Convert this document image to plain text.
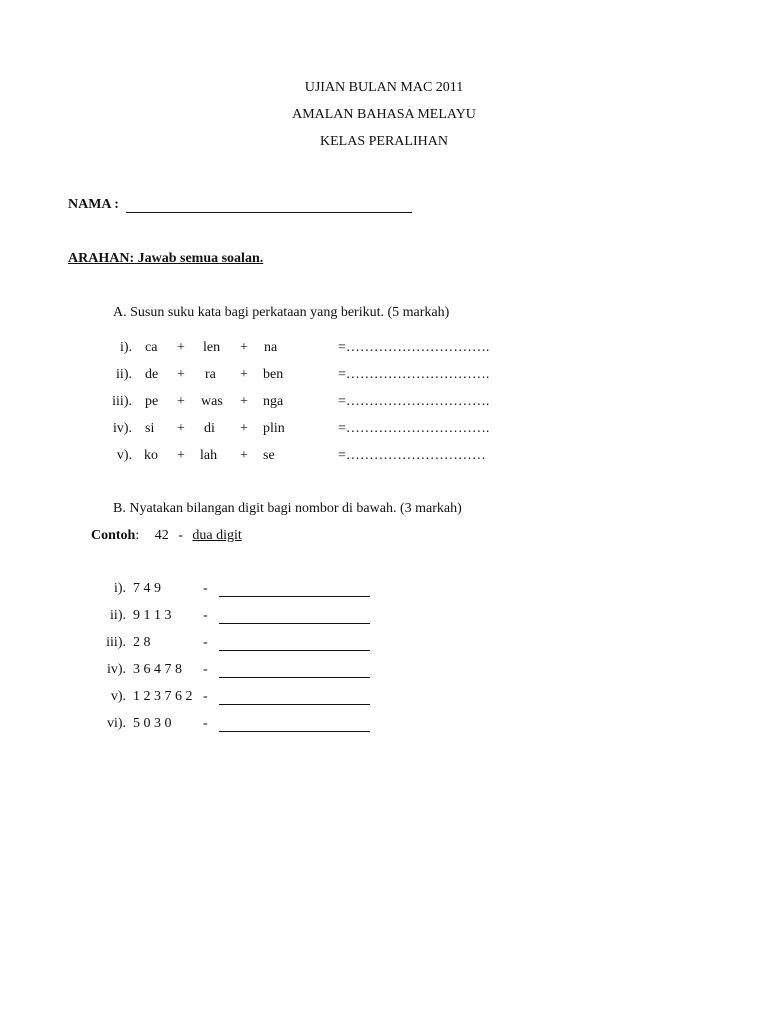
UJIAN BULAN MAC 2011
AMALAN BAHASA MELAYU
KELAS PERALIHAN
NAMA :
ARAHAN: Jawab semua soalan.
A. Susun suku kata bagi perkataan yang berikut. (5 markah)
i). ca + len + na	=………………………….
ii). de + ra + ben	=………………………….
iii). pe + was + nga	=………………………….
iv). si + di + plin	=………………………….
v). ko + lah + se	=…………………………
B. Nyatakan bilangan digit bagi nombor di bawah. (3 markah)
Contoh: 42 - dua digit
i). 7 4 9	-
ii). 9 1 1 3 -
iii). 2 8	-
iv). 3 6 4 7 8 -
v). 1 2 3 7 6 2 -
vi). 5 0 3 0 -
